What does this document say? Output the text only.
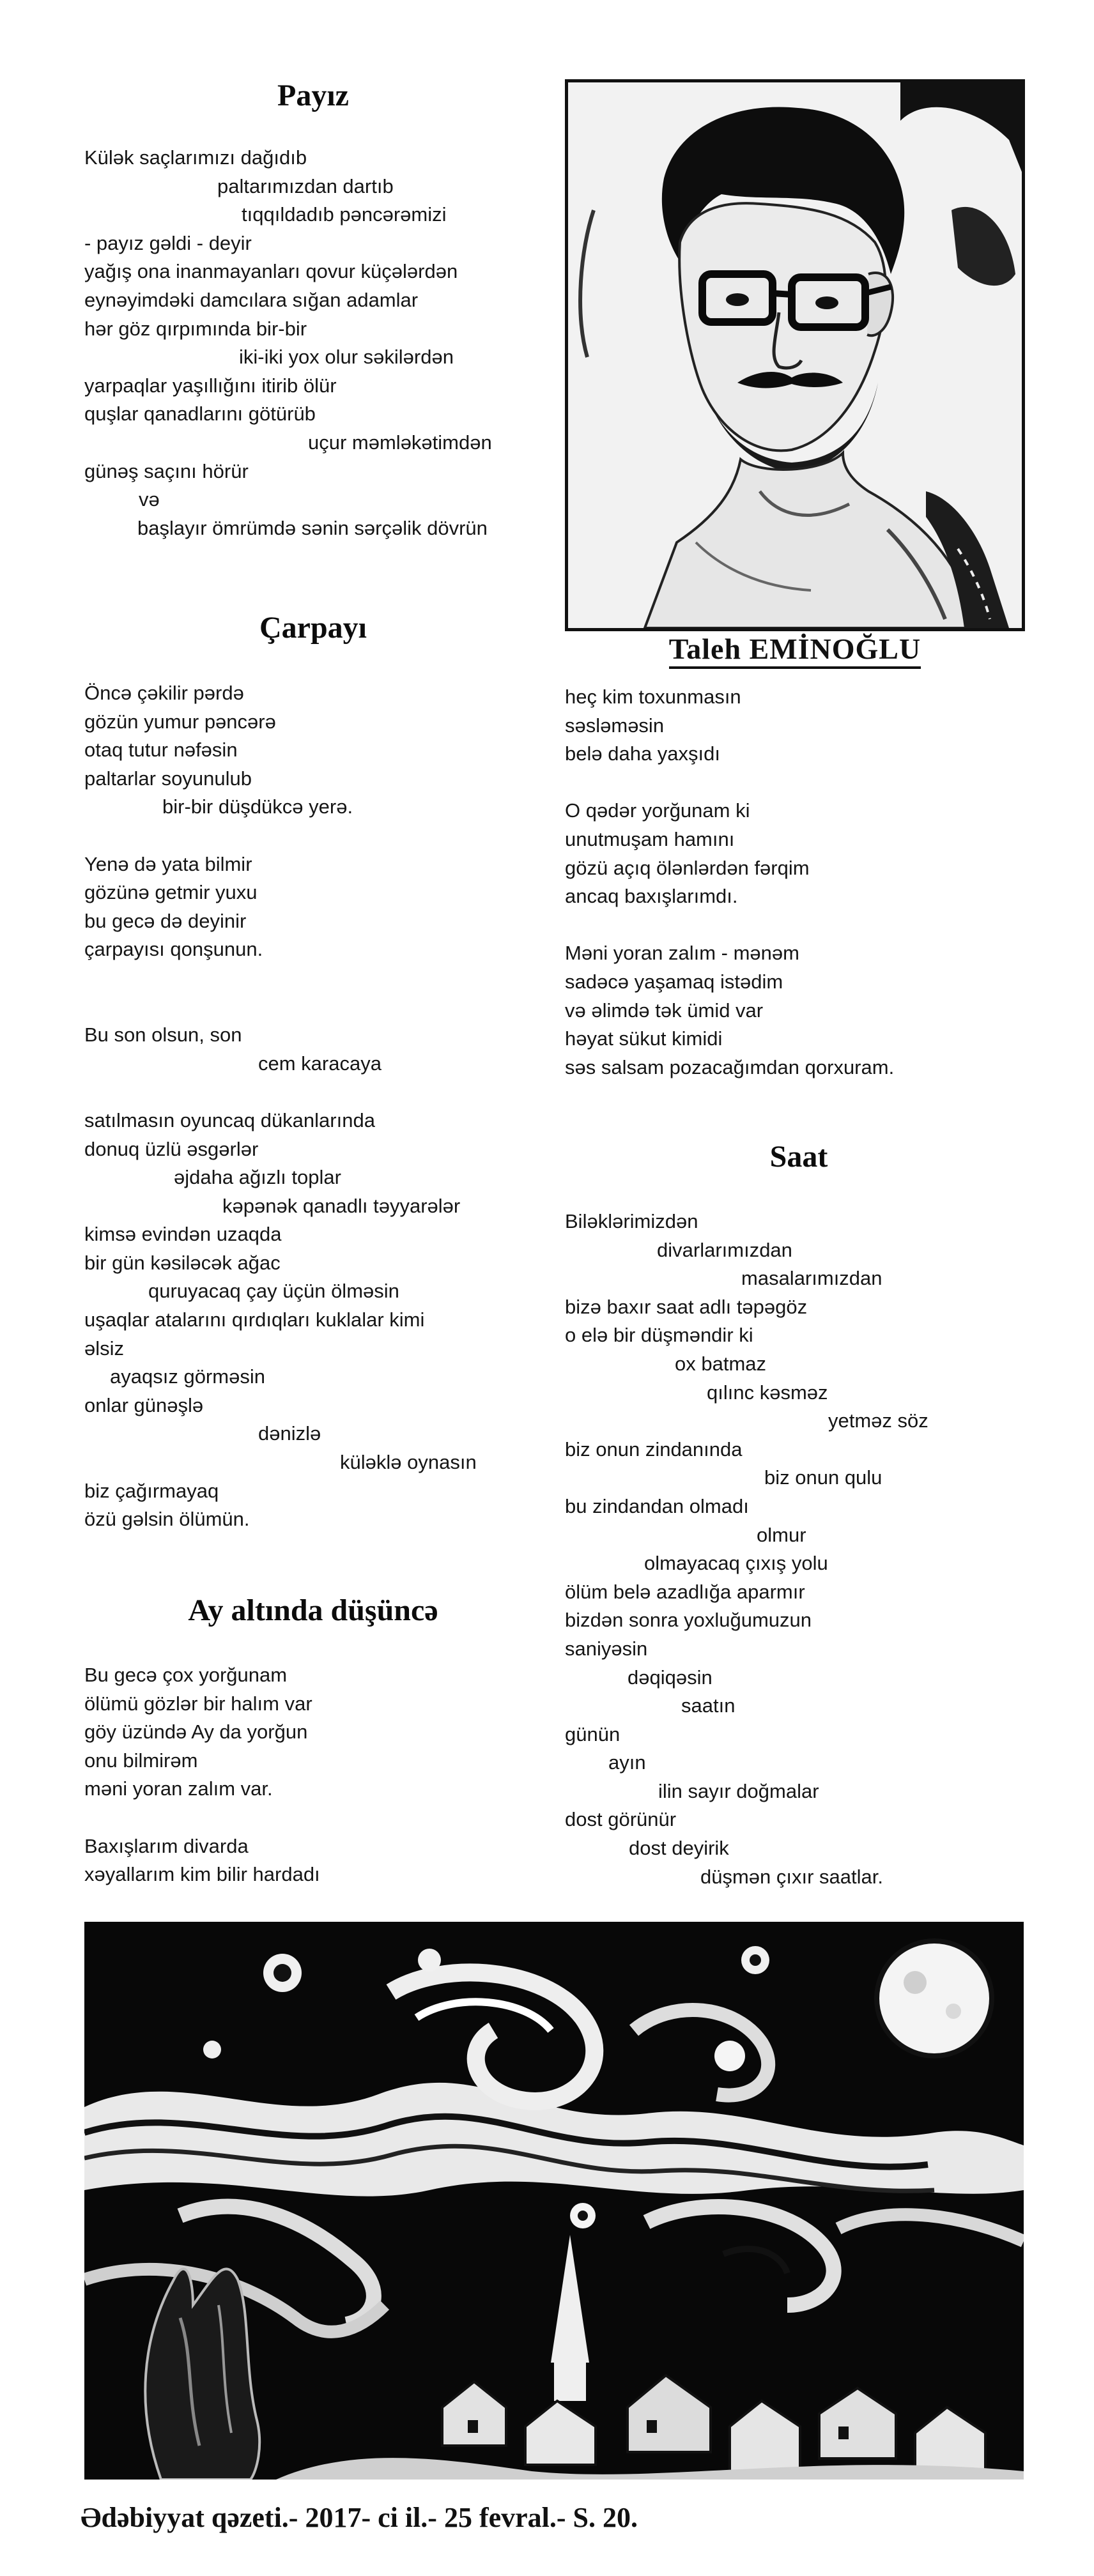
Payız
Külək saçlarımızı dağıdıb
paltarımızdan dartıb
tıqqıldadıb pəncərəmizi
- payız gəldi - deyir
yağış ona inanmayanları qovur küçələrdən
eynəyimdəki damcılara sığan adamlar
hər göz qırpımında bir-bir
iki-iki yox olur səkilərdən
yarpaqlar yaşıllığını itirib ölür
quşlar qanadlarını götürüb
uçur məmləkətimdən
günəş saçını hörür
və
başlayır ömrümdə sənin sərçəlik dövrün
Çarpayı
Öncə çəkilir pərdə
gözün yumur pəncərə
otaq tutur nəfəsin
paltarlar soyunulub
bir-bir düşdükcə yerə.
Yenə də yata bilmir
gözünə getmir yuxu
bu gecə də deyinir
çarpayısı qonşunun.
Bu son olsun, son
cem karacaya
satılmasın oyuncaq dükanlarında
donuq üzlü əsgərlər
əjdaha ağızlı toplar
kəpənək qanadlı təyyarələr
kimsə evindən uzaqda
bir gün kəsiləcək ağac
quruyacaq çay üçün ölməsin
uşaqlar atalarını qırdıqları kuklalar kimi
əlsiz
ayaqsız görməsin
onlar günəşlə
dənizlə
küləklə oynasın
biz çağırmayaq
özü gəlsin ölümün.
Ay altında düşüncə
Bu gecə çox yorğunam
ölümü gözlər bir halım var
göy üzündə Ay da yorğun
onu bilmirəm
məni yoran zalım var.
Baxışlarım divarda
xəyallarım kim bilir hardadı
Taleh EMİNOĞLU
heç kim toxunmasın
səsləməsin
belə daha yaxşıdı
O qədər yorğunam ki
unutmuşam hamını
gözü açıq ölənlərdən fərqim
ancaq baxışlarımdı.
Məni yoran zalım - mənəm
sadəcə yaşamaq istədim
və əlimdə tək ümid var
həyat sükut kimidi
səs salsam pozacağımdan qorxuram.
Saat
Biləklərimizdən
divarlarımızdan
masalarımızdan
bizə baxır saat adlı təpəgöz
o elə bir düşməndir ki
ox batmaz
qılınc kəsməz
yetməz söz
biz onun zindanında
biz onun qulu
bu zindandan olmadı
olmur
olmayacaq çıxış yolu
ölüm belə azadlığa aparmır
bizdən sonra yoxluğumuzun
saniyəsin
dəqiqəsin
saatın
günün
ayın
ilin sayır doğmalar
dost görünür
dost deyirik
düşmən çıxır saatlar.
Ədəbiyyat qəzeti.- 2017- ci il.- 25 fevral.- S. 20.
